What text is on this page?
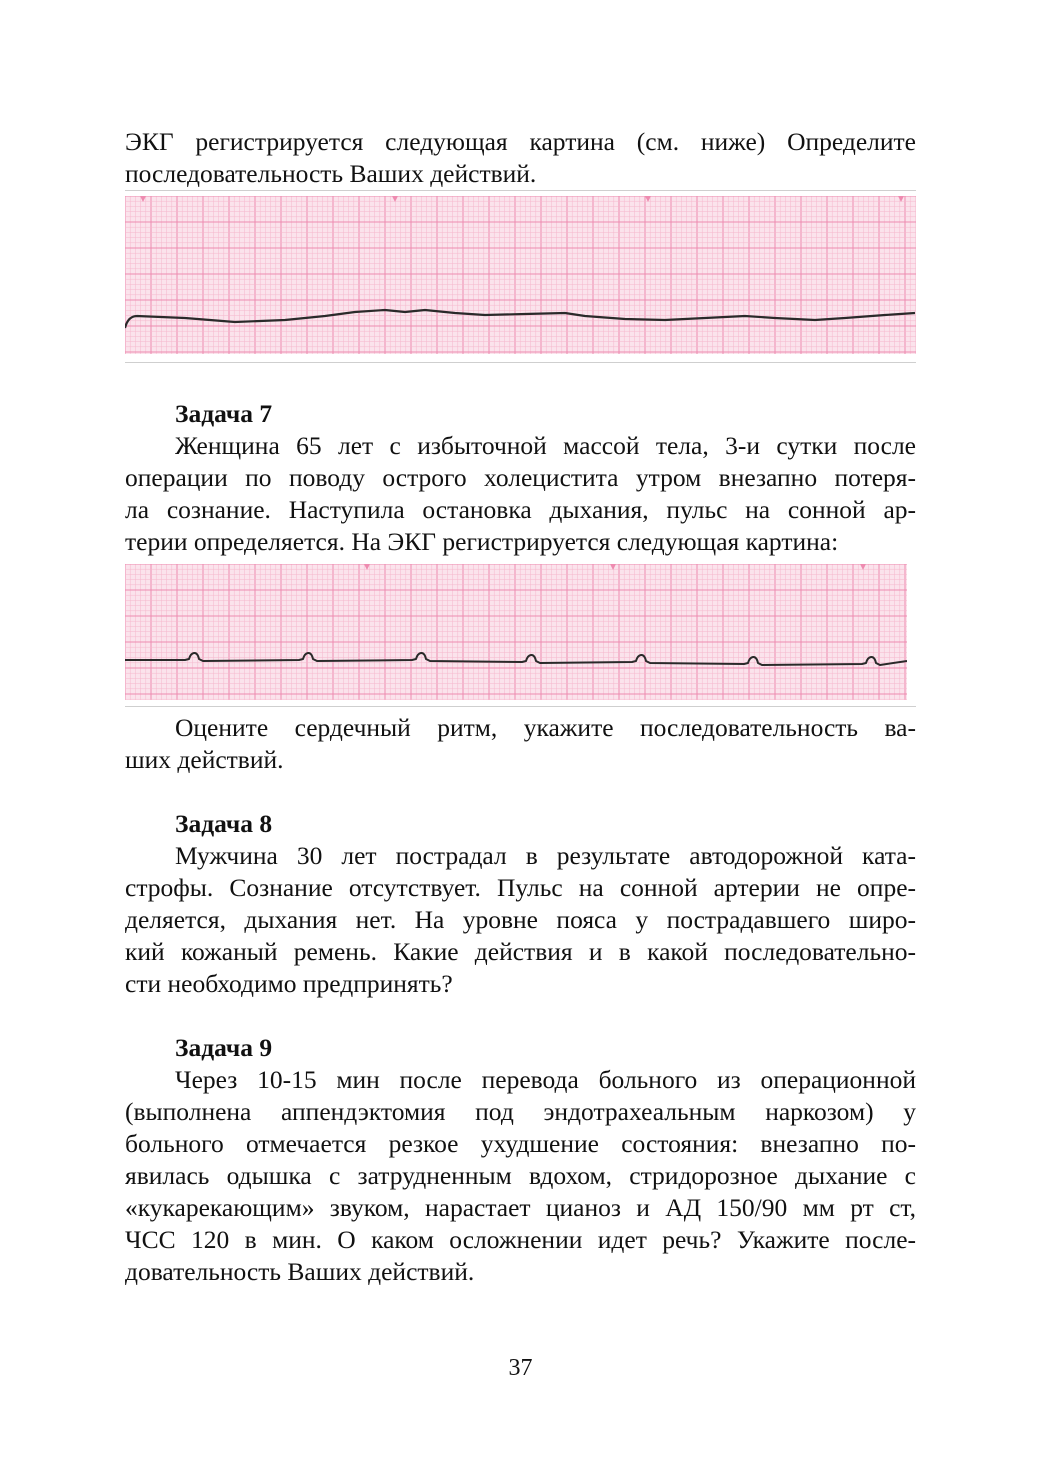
ЭКГ регистрируется следующая картина (см. ниже) Определите
последовательность Ваших действий.

Задача 7

Женщина 65 лет с избыточной массой тела, 3-и сутки после
операции по поводу острого холецистита утром внезапно потеря-
ла сознание. Наступила остановка дыхания, пульс на сонной ар-
терии определяется. На ЭКГ регистрируется следующая картина:
Оцените сердечный ритм, укажите последовательность ва-
ших действий.

Задача 8

Мужчина 30 лет пострадал в результате автодорожной ката-
строфы. Сознание отсутствует. Пульс на сонной артерии не опре-
деляется, дыхания нет. На уровне пояса у пострадавшего широ-
кий кожаный ремень. Какие действия и в какой последовательно-
сти необходимо предпринять?

Задача 9

Через 10-15 мин после перевода больного из операционной
(выполнена аппендэктомия под эндотрахеальным наркозом) у
больного отмечается резкое ухудшение состояния: внезапно по-
явилась одышка с затрудненным вдохом, стридорозное дыхание с
«кукарекающим» звуком, нарастает цианоз и АД 150/90 мм рт ст,
ЧСС 120 в мин. О каком осложнении идет речь? Укажите после-
довательность Ваших действий.
37
